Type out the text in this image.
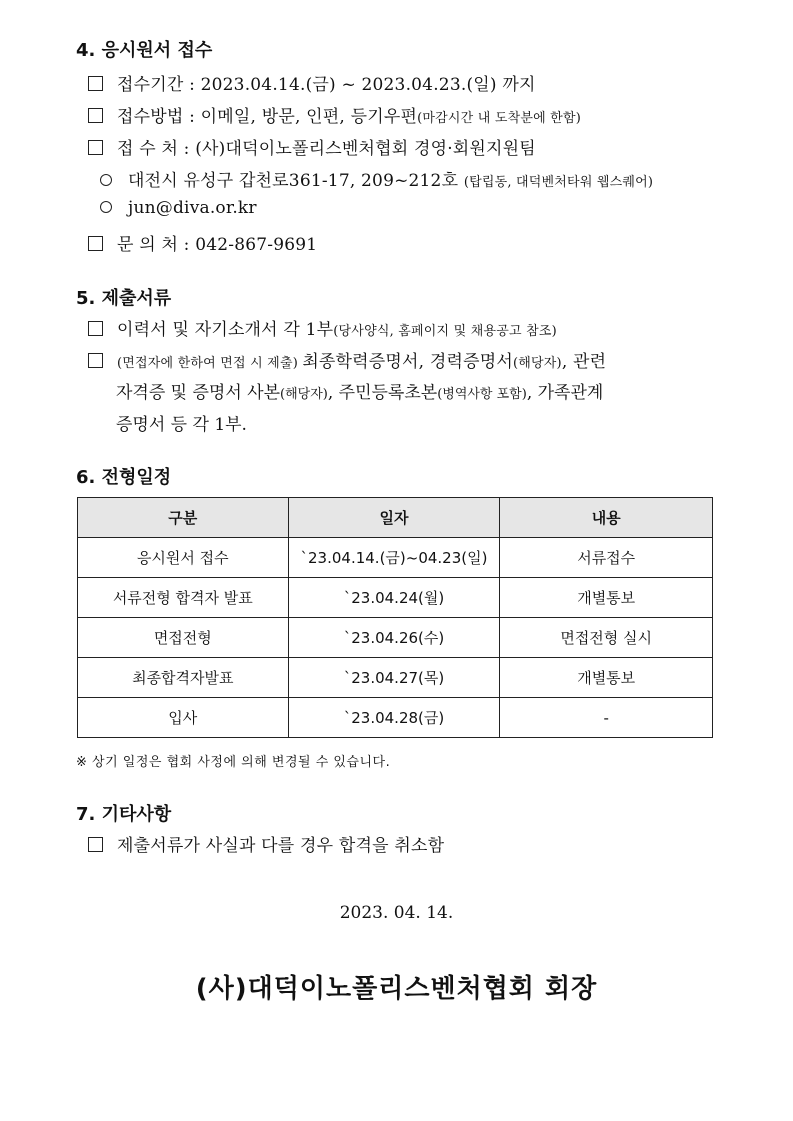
4. 응시원서 접수
접수기간 : 2023.04.14.(금) ~ 2023.04.23.(일) 까지
접수방법 : 이메일, 방문, 인편, 등기우편(마감시간 내 도착분에 한함)
접 수 처 : (사)대덕이노폴리스벤처협회 경영·회원지원팀
대전시 유성구 갑천로361-17, 209~212호 (탑립동, 대덕벤처타워 웹스퀘어)
jun@diva.or.kr
문 의 처 : 042-867-9691
5. 제출서류
이력서 및 자기소개서 각 1부(당사양식, 홈페이지 및 채용공고 참조)
(면접자에 한하여 면접 시 제출) 최종학력증명서, 경력증명서(해당자), 관련
자격증 및 증명서 사본(해당자), 주민등록초본(병역사항 포함), 가족관계
증명서 등 각 1부.
6. 전형일정
구분	일자	내용
응시원서 접수	`23.04.14.(금)~04.23(일)	서류접수
서류전형 합격자 발표	`23.04.24(월)	개별통보
면접전형	`23.04.26(수)	면접전형 실시
최종합격자발표	`23.04.27(목)	개별통보
입사	`23.04.28(금)	-
※ 상기 일정은 협회 사정에 의해 변경될 수 있습니다.
7. 기타사항
제출서류가 사실과 다를 경우 합격을 취소함
2023. 04. 14.
(사)대덕이노폴리스벤처협회 회장
